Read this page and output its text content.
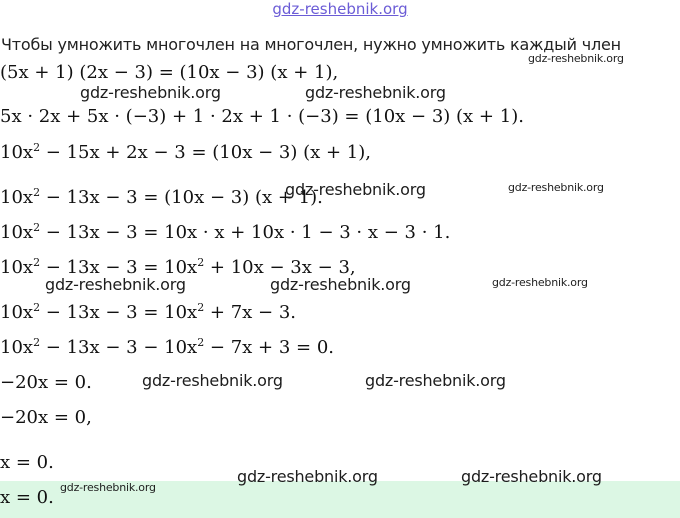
gdz-reshebnik.org
Чтобы умножить многочлен на многочлен, нужно умножить каждый член
(5x + 1) (2x − 3) = (10x − 3) (x + 1),
5x · 2x + 5x · (−3) + 1 · 2x + 1 · (−3) = (10x − 3) (x + 1).
$10x^2 - 15x + 2x - 3 = (10x - 3) (x + 1)$,
$10x^2 - 13x - 3 = (10x - 3) (x + 1)$.
$10x^2 - 13x - 3 = 10x \cdot x + 10x \cdot 1 - 3 \cdot x - 3 \cdot 1$.
$10x^2 - 13x - 3 = 10x^2 + 10x - 3x - 3$,
$10x^2 - 13x - 3 = 10x^2 + 7x - 3$.
$10x^2 - 13x - 3 - 10x^2 - 7x + 3 = 0$.
−20x = 0.
−20x = 0,
x = 0.
x = 0.
gdz-reshebnik.org
gdz-reshebnik.org	gdz-reshebnik.org
gdz-reshebnik.org	gdz-reshebnik.org
gdz-reshebnik.org	gdz-reshebnik.org	gdz-reshebnik.org
gdz-reshebnik.org	gdz-reshebnik.org
gdz-reshebnik.org	gdz-reshebnik.org
gdz-reshebnik.org
